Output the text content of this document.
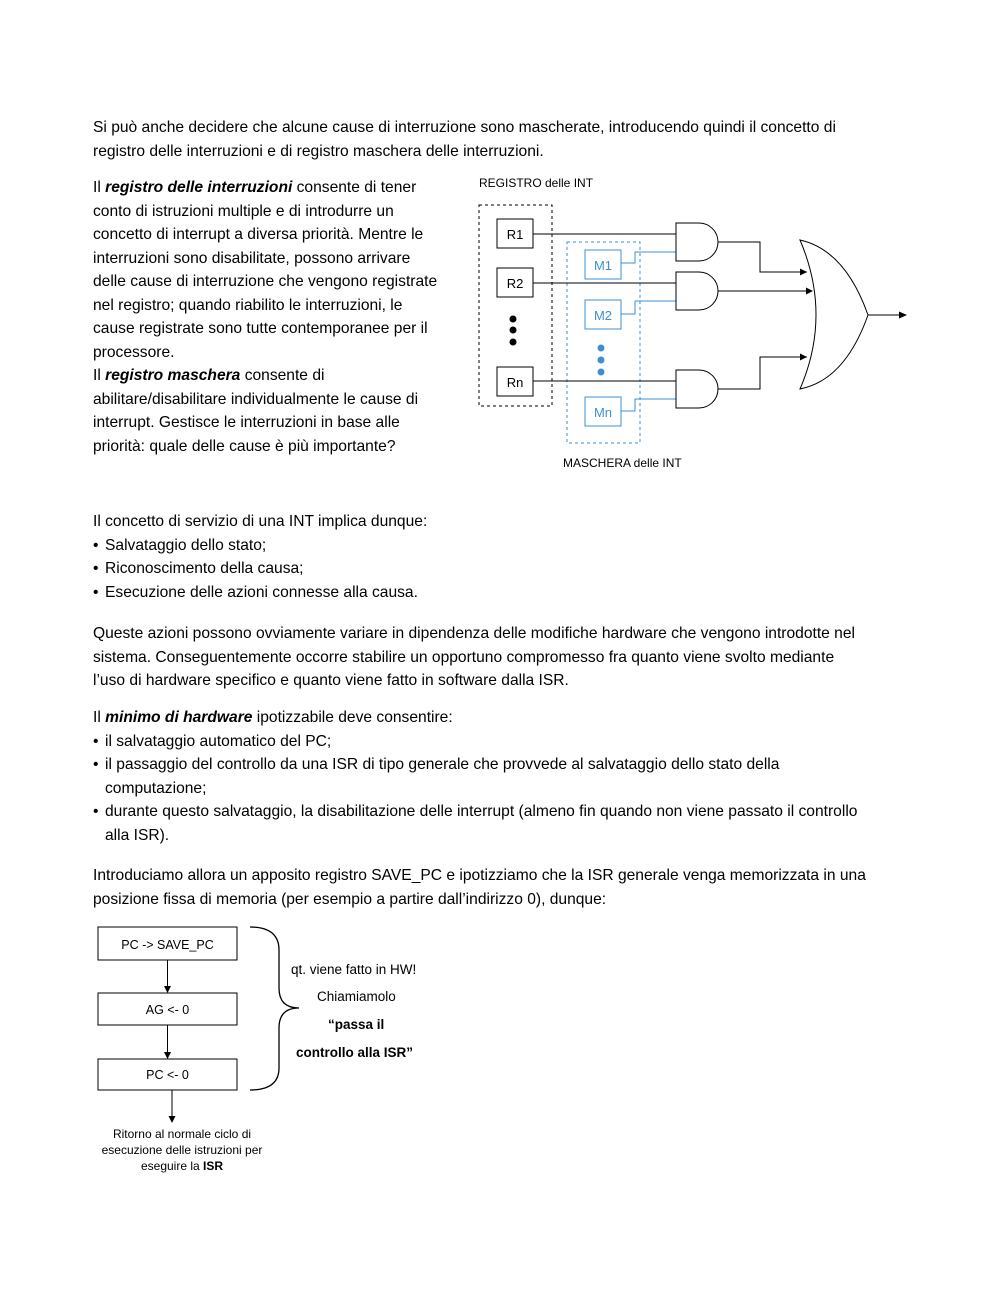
Si può anche decidere che alcune cause di interruzione sono mascherate, introducendo quindi il concetto di

registro delle interruzioni e di registro maschera delle interruzioni.

Il registro delle interruzioni consente di tener

conto di istruzioni multiple e di introdurre un

concetto di interrupt a diversa priorità. Mentre le

interruzioni sono disabilitate, possono arrivare

delle cause di interruzione che vengono registrate

nel registro; quando riabilito le interruzioni, le

cause registrate sono tutte contemporanee per il

processore.

Il registro maschera consente di

abilitare/disabilitare individualmente le cause di

interrupt. Gestisce le interruzioni in base alle

priorità: quale delle cause è più importante?

REGISTRO delle INT
R1
R2
Rn
M1
M2
Mn
MASCHERA delle INT

Il concetto di servizio di una INT implica dunque:

• Salvataggio dello stato;

• Riconoscimento della causa;

• Esecuzione delle azioni connesse alla causa.

Queste azioni possono ovviamente variare in dipendenza delle modifiche hardware che vengono introdotte nel

sistema. Conseguentemente occorre stabilire un opportuno compromesso fra quanto viene svolto mediante

l’uso di hardware specifico e quanto viene fatto in software dalla ISR.

Il minimo di hardware ipotizzabile deve consentire:

• il salvataggio automatico del PC;
• il passaggio del controllo da una ISR di tipo generale che provvede al salvataggio dello stato della
computazione;
• durante questo salvataggio, la disabilitazione delle interrupt (almeno fin quando non viene passato il controllo
alla ISR).

Introduciamo allora un apposito registro SAVE_PC e ipotizziamo che la ISR generale venga memorizzata in una

posizione fissa di memoria (per esempio a partire dall’indirizzo 0), dunque:

PC -> SAVE_PC
AG <- 0
PC <- 0
qt. viene fatto in HW!
Chiamiamolo
“passa il
controllo alla ISR”
Ritorno al normale ciclo di
esecuzione delle istruzioni per
eseguire la ISR
